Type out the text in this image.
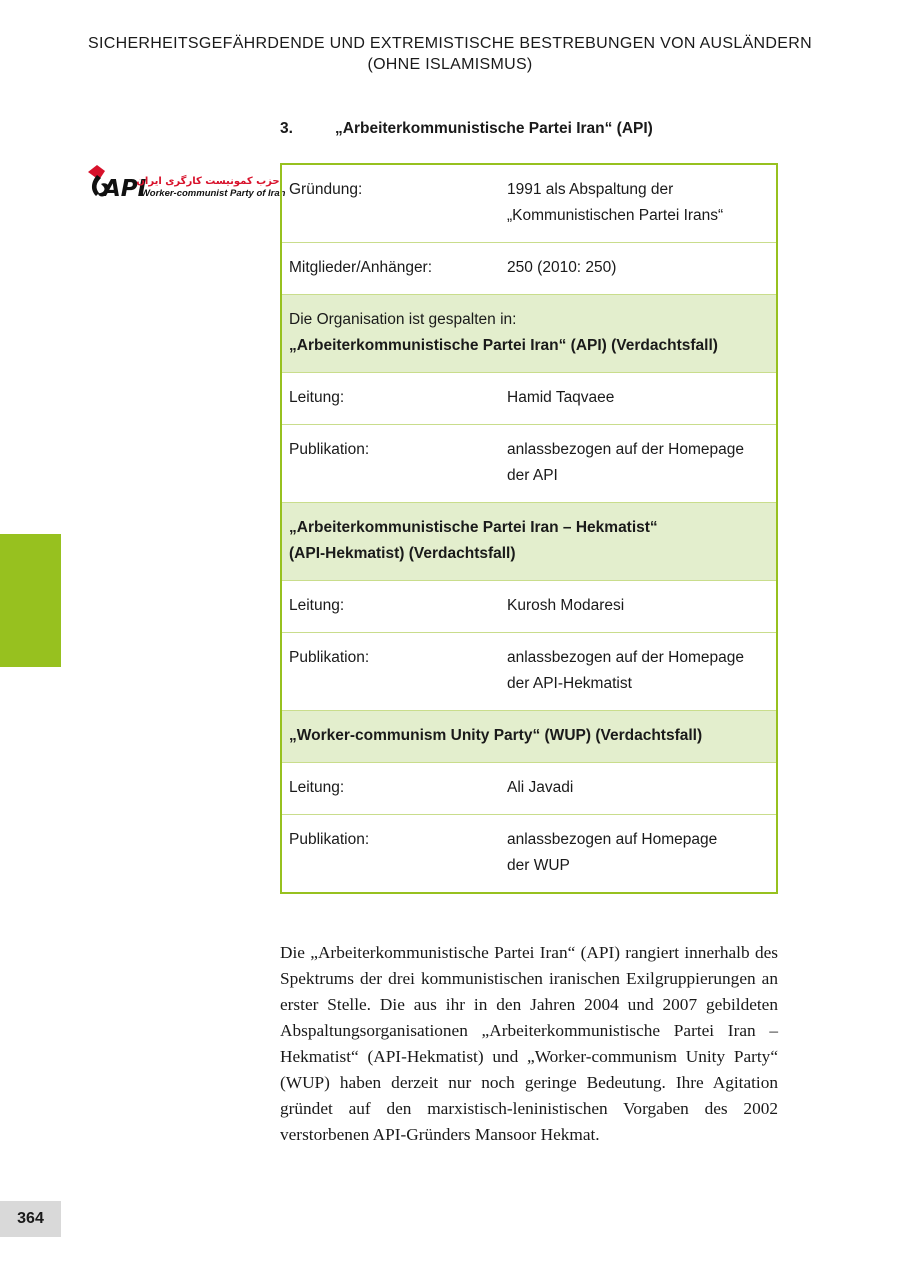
SICHERHEITSGEFÄHRDENDE UND EXTREMISTISCHE BESTREBUNGEN VON AUSLÄNDERN
(OHNE ISLAMISMUS)
3.	„Arbeiterkommunistische Partei Iran“ (API)
API
حزب کمونیست کارگری ایران
Worker-communist Party of Iran Gründung:	1991 als Abspaltung der
„Kommunistischen Partei Irans“
Mitglieder/Anhänger:	250 (2010: 250)
Die Organisation ist gespalten in:
„Arbeiterkommunistische Partei Iran“ (API) (Verdachtsfall)	
Leitung:	Hamid Taqvaee
Publikation:	anlassbezogen auf der Homepage
der API
„Arbeiterkommunistische Partei Iran – Hekmatist“
(API-Hekmatist) (Verdachtsfall)	
Leitung:	Kurosh Modaresi
Publikation:	anlassbezogen auf der Homepage
der API-Hekmatist
„Worker-communism Unity Party“ (WUP) (Verdachtsfall)	
Leitung:	Ali Javadi
Publikation:	anlassbezogen auf Homepage
der WUP

Die „Arbeiterkommunistische Partei Iran“ (API) rangiert innerhalb des Spektrums der drei kommunistischen iranischen Exilgruppierungen an erster Stelle. Die aus ihr in den Jahren 2004 und 2007 gebildeten Abspaltungsorganisationen „Arbeiterkommunistische Partei Iran – Hekmatist“ (API-Hekmatist) und „Worker-communism Unity Party“ (WUP) haben derzeit nur noch geringe Bedeutung. Ihre Agitation gründet auf den marxistisch-leninistischen Vorgaben des 2002 verstorbenen API-Gründers Mansoor Hekmat.

364
